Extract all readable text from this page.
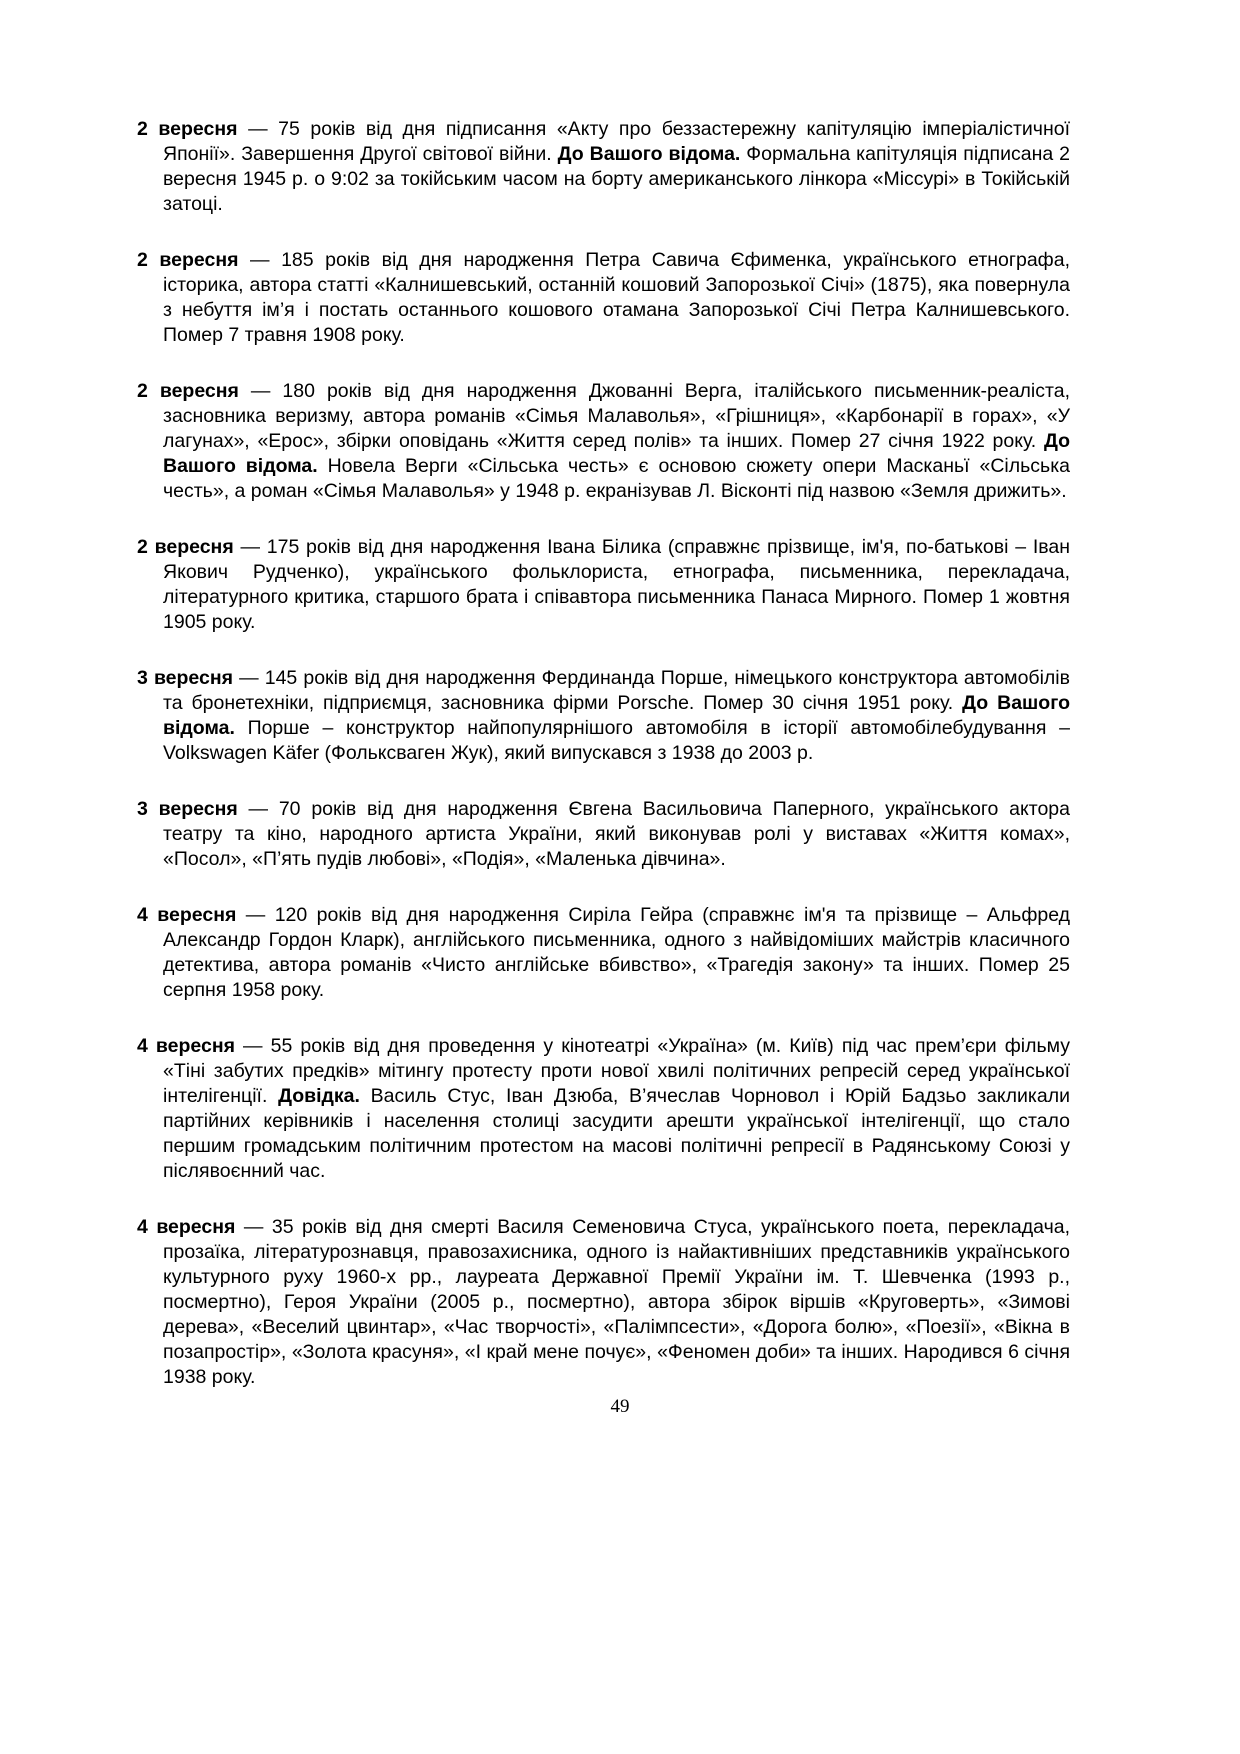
2 вересня — 75 років від дня підписання «Акту про беззастережну капітуляцію імперіалістичної Японії». Завершення Другої світової війни. До Вашого відома. Формальна капітуляція підписана 2 вересня 1945 р. о 9:02 за токійським часом на борту американського лінкора «Міссурі» в Токійській затоці.

2 вересня — 185 років від дня народження Петра Савича Єфименка, українського етнографа, історика, автора статті «Калнишевський, останній кошовий Запорозької Січі» (1875), яка повернула з небуття ім’я і постать останнього кошового отамана Запорозької Січі Петра Калнишевського. Помер 7 травня 1908 року.

2 вересня — 180 років від дня народження Джованні Верга, італійського письменник-реаліста, засновника веризму, автора романів «Сімья Малаволья», «Грішниця», «Карбонарії в горах», «У лагунах», «Ерос», збірки оповідань «Життя серед полів» та інших. Помер 27 січня 1922 року. До Вашого відома. Новела Верги «Сільська честь» є основою сюжету опери Масканьї «Сільська честь», а роман «Сімья Малаволья» у 1948 р. екранізував Л. Вісконті під назвою «Земля дрижить».

2 вересня — 175 років від дня народження Івана Білика (справжнє прізвище, ім'я, по-батькові – Іван Якович Рудченко), українського фольклориста, етнографа, письменника, перекладача, літературного критика, старшого брата і співавтора письменника Панаса Мирного. Помер 1 жовтня 1905 року.

3 вересня — 145 років від дня народження Фердинанда Порше, німецького конструктора автомобілів та бронетехніки, підприємця, засновника фірми Porsche. Помер 30 січня 1951 року. До Вашого відома. Порше – конструктор найпопулярнішого автомобіля в історії автомобілебудування – Volkswagen Käfer (Фольксваген Жук), який випускався з 1938 до 2003 р.

3 вересня — 70 років від дня народження Євгена Васильовича Паперного, українського актора театру та кіно, народного артиста України, який виконував ролі у виставах «Життя комах», «Посол», «П’ять пудів любові», «Подія», «Маленька дівчина».

4 вересня — 120 років від дня народження Сиріла Гейра (справжнє ім'я та прізвище – Альфред Александр Гордон Кларк), англійського письменника, одного з найвідоміших майстрів класичного детектива, автора романів «Чисто англійське вбивство», «Трагедія закону» та інших. Помер 25 серпня 1958 року.

4 вересня — 55 років від дня проведення у кінотеатрі «Україна» (м. Київ) під час прем’єри фільму «Тіні забутих предків» мітингу протесту проти нової хвилі політичних репресій серед української інтелігенції. Довідка. Василь Стус, Іван Дзюба, В’ячеслав Чорновол і Юрій Бадзьо закликали партійних керівників і населення столиці засудити арешти української інтелігенції, що стало першим громадським політичним протестом на масові політичні репресії в Радянському Союзі у післявоєнний час.

4 вересня — 35 років від дня смерті Василя Семеновича Стуса, українського поета, перекладача, прозаїка, літературознавця, правозахисника, одного із найактивніших представників українського культурного руху 1960-х рр., лауреата Державної Премії України ім. Т. Шевченка (1993 р., посмертно), Героя України (2005 р., посмертно), автора збірок віршів «Круговерть», «Зимові дерева», «Веселий цвинтар», «Час творчості», «Палімпсести», «Дорога болю», «Поезії», «Вікна в позапростір», «Золота красуня», «І край мене почує», «Феномен доби» та інших. Народився 6 січня 1938 року.

49
